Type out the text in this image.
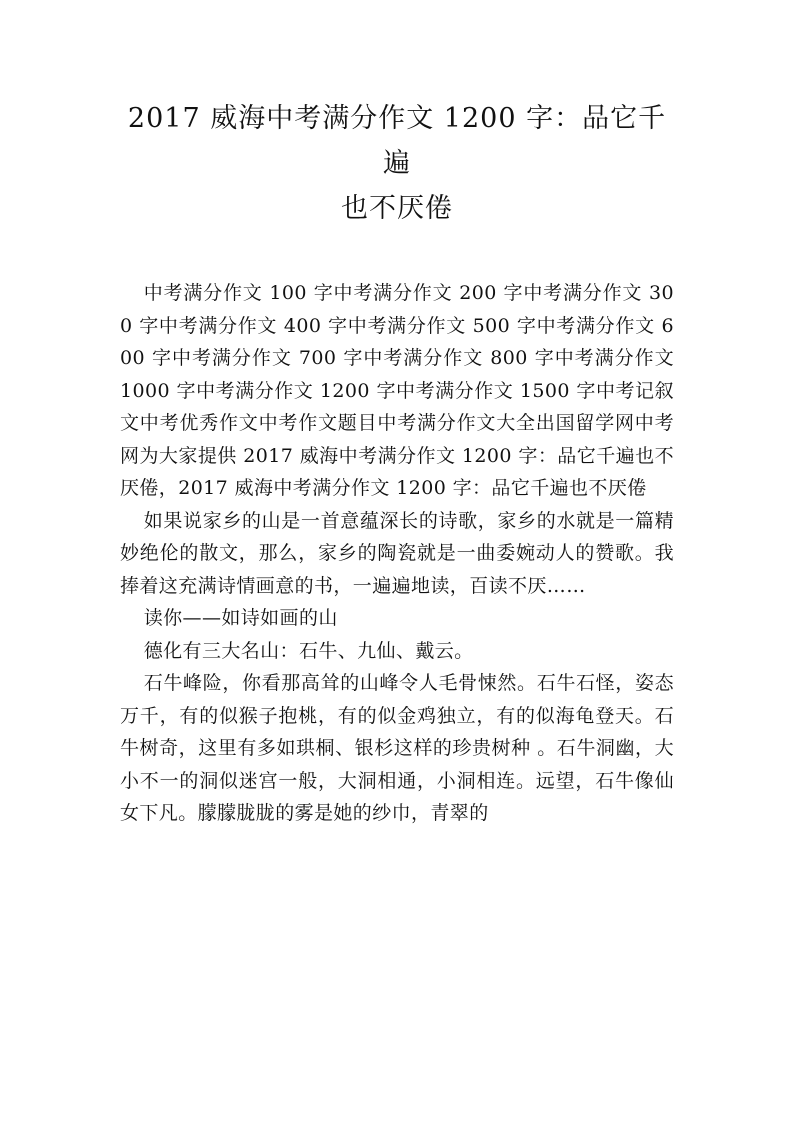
2017 威海中考满分作文 1200 字：品它千遍
也不厌倦

中考满分作文 100 字中考满分作文 200 字中考满分作文 300 字中考满分作文 400 字中考满分作文 500 字中考满分作文 600 字中考满分作文 700 字中考满分作文 800 字中考满分作文 1000 字中考满分作文 1200 字中考满分作文 1500 字中考记叙文中考优秀作文中考作文题目中考满分作文大全出国留学网中考网为大家提供 2017 威海中考满分作文 1200 字：品它千遍也不厌倦，2017 威海中考满分作文 1200 字：品它千遍也不厌倦

如果说家乡的山是一首意蕴深长的诗歌，家乡的水就是一篇精妙绝伦的散文，那么，家乡的陶瓷就是一曲委婉动人的赞歌。我捧着这充满诗情画意的书，一遍遍地读，百读不厌……

读你——如诗如画的山

德化有三大名山：石牛、九仙、戴云。

石牛峰险，你看那高耸的山峰令人毛骨悚然。石牛石怪，姿态万千，有的似猴子抱桃，有的似金鸡独立，有的似海龟登天。石牛树奇，这里有多如珙桐、银杉这样的珍贵树种 。石牛洞幽，大小不一的洞似迷宫一般，大洞相通，小洞相连。远望，石牛像仙女下凡。朦朦胧胧的雾是她的纱巾，青翠的
